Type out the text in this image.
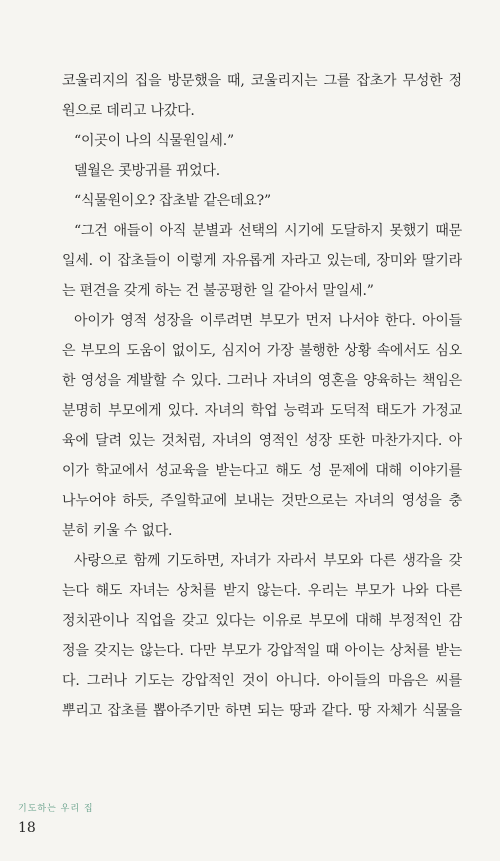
코울리지의 집을 방문했을 때, 코울리지는 그를 잡초가 무성한 정
원으로 데리고 나갔다.
“이곳이 나의 식물원일세.”
델월은 콧방귀를 뀌었다.
“식물원이오? 잡초밭 같은데요?”
“그건 애들이 아직 분별과 선택의 시기에 도달하지 못했기 때문
일세. 이 잡초들이 이렇게 자유롭게 자라고 있는데, 장미와 딸기라
는 편견을 갖게 하는 건 불공평한 일 같아서 말일세.”
아이가 영적 성장을 이루려면 부모가 먼저 나서야 한다. 아이들
은 부모의 도움이 없이도, 심지어 가장 불행한 상황 속에서도 심오
한 영성을 계발할 수 있다. 그러나 자녀의 영혼을 양육하는 책임은
분명히 부모에게 있다. 자녀의 학업 능력과 도덕적 태도가 가정교
육에 달려 있는 것처럼, 자녀의 영적인 성장 또한 마찬가지다. 아
이가 학교에서 성교육을 받는다고 해도 성 문제에 대해 이야기를
나누어야 하듯, 주일학교에 보내는 것만으로는 자녀의 영성을 충
분히 키울 수 없다.
사랑으로 함께 기도하면, 자녀가 자라서 부모와 다른 생각을 갖
는다 해도 자녀는 상처를 받지 않는다. 우리는 부모가 나와 다른
정치관이나 직업을 갖고 있다는 이유로 부모에 대해 부정적인 감
정을 갖지는 않는다. 다만 부모가 강압적일 때 아이는 상처를 받는
다. 그러나 기도는 강압적인 것이 아니다. 아이들의 마음은 씨를
뿌리고 잡초를 뽑아주기만 하면 되는 땅과 같다. 땅 자체가 식물을
기도하는 우리 집
18
